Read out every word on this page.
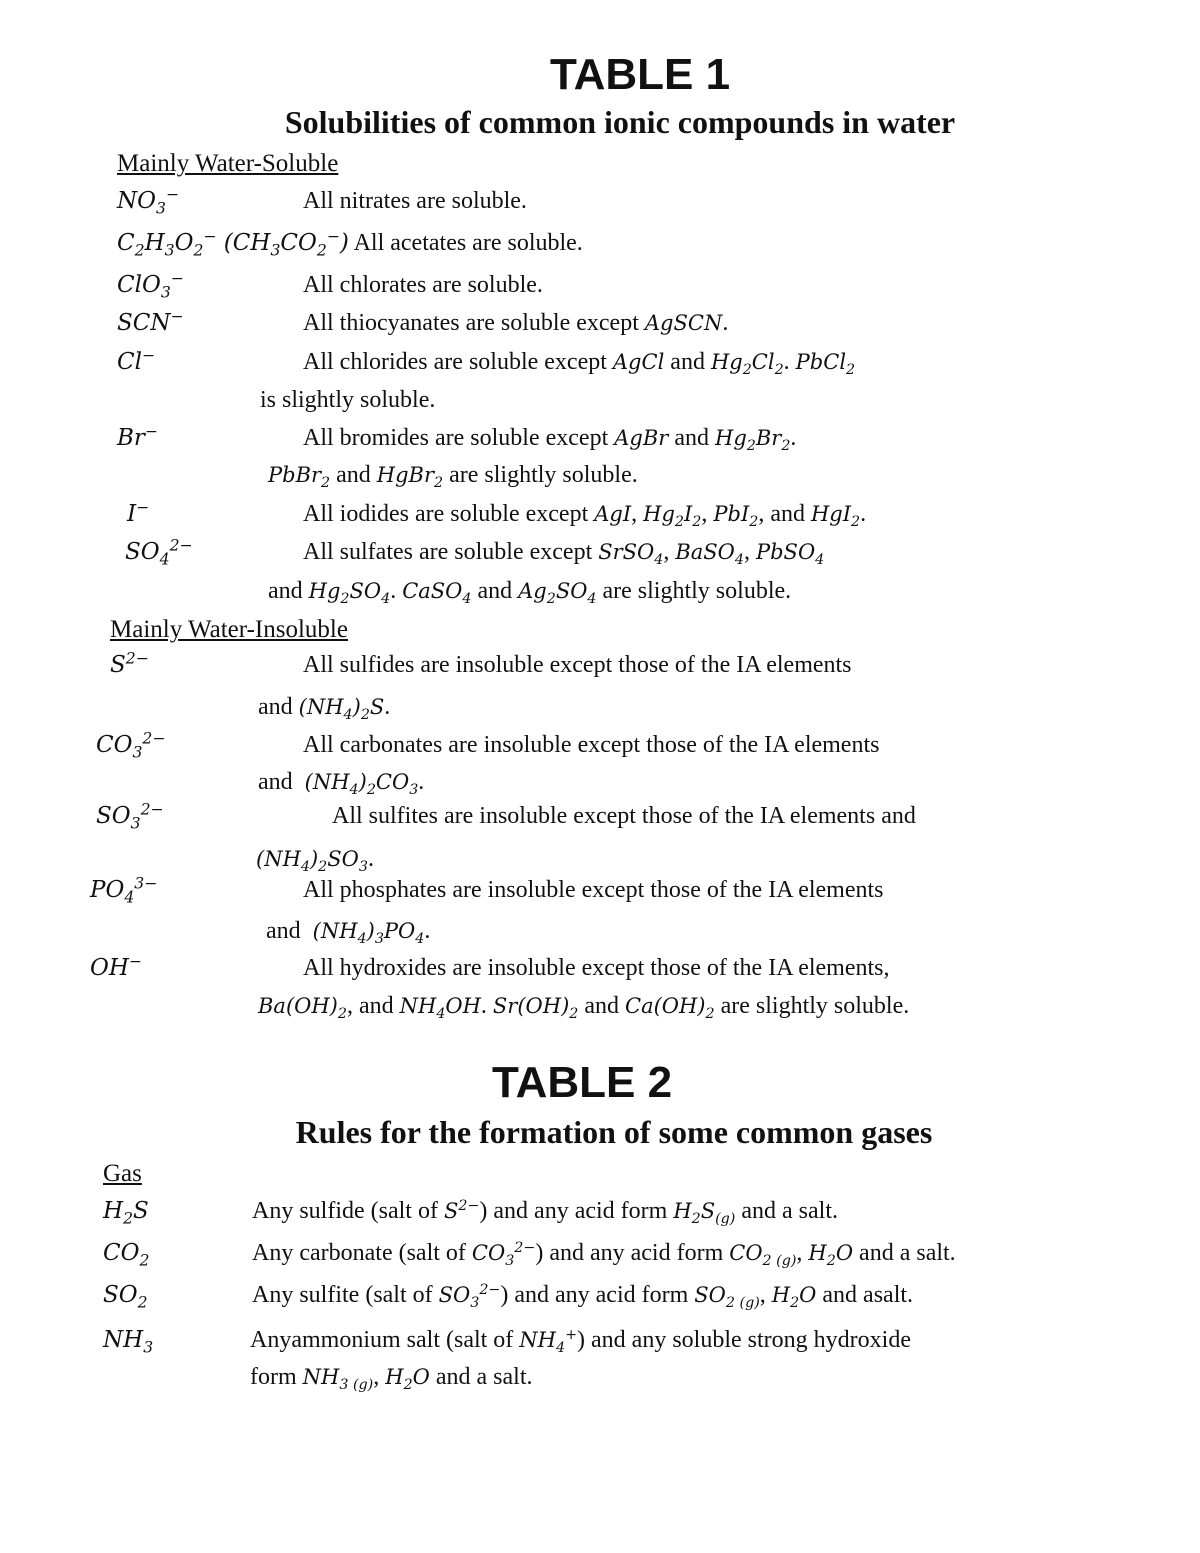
TABLE 1
Solubilities of common ionic compounds in water
Mainly Water-Soluble
$NO_3^-$	All nitrates are soluble.
$C_2H_3O_2^-$ $(CH_3CO_2^-)$ All acetates are soluble.
ClO$_3$−	All chlorates are soluble.
SCN−	All thiocyanates are soluble except AgSCN.
Cl−	All chlorides are soluble except AgCl and $Hg_2Cl_2$. PbCl$_2$
is slightly soluble.
Br−	All bromides are soluble except AgBr and $Hg_2Br_2$.
PbBr$_2$ and HgBr$_2$ are slightly soluble.
I−	All iodides are soluble except AgI, $Hg_2I_2$, PbI$_2$, and HgI$_2$.
$SO_4^{2-}$	All sulfates are soluble except SrSO$_4$, BaSO$_4$, PbSO$_4$
and $Hg_2SO_4$. CaSO$_4$ and $Ag_2SO_4$ are slightly soluble.
Mainly Water-Insoluble
$S^{2-}$	All sulfides are insoluble except those of the IA elements
and $(NH_4)_2S$.
$CO_3^{2-}$	All carbonates are insoluble except those of the IA elements
and  $(NH_4)_2CO_3$.
$SO_3^{2-}$	All sulfites are insoluble except those of the IA elements and
$(NH_4)_2SO_3$.
$PO_4^{3-}$	All phosphates are insoluble except those of the IA elements
and  $(NH_4)_3PO_4$.
OH−	All hydroxides are insoluble except those of the IA elements,
$Ba(OH)_2$, and $NH_4OH$. $Sr(OH)_2$ and $Ca(OH)_2$ are slightly soluble.
TABLE 2
Rules for the formation of some common gases
Gas
$H_2S$	Any sulfide (salt of $S^{2-}$) and any acid form $H_2S_{(g)}$ and a salt.
$CO_2$	Any carbonate (salt of $CO_3^{2-}$) and any acid form $CO_{2 (g)}$, $H_2O$ and a salt.
$SO_2$	Any sulfite (salt of $SO_3^{2-}$) and any acid form $SO_{2 (g)}$, $H_2O$ and asalt.
$NH_3$	Anyammonium salt (salt of $NH_4^+$) and any soluble strong hydroxide
form $NH_{3 (g)}$, $H_2O$ and a salt.
